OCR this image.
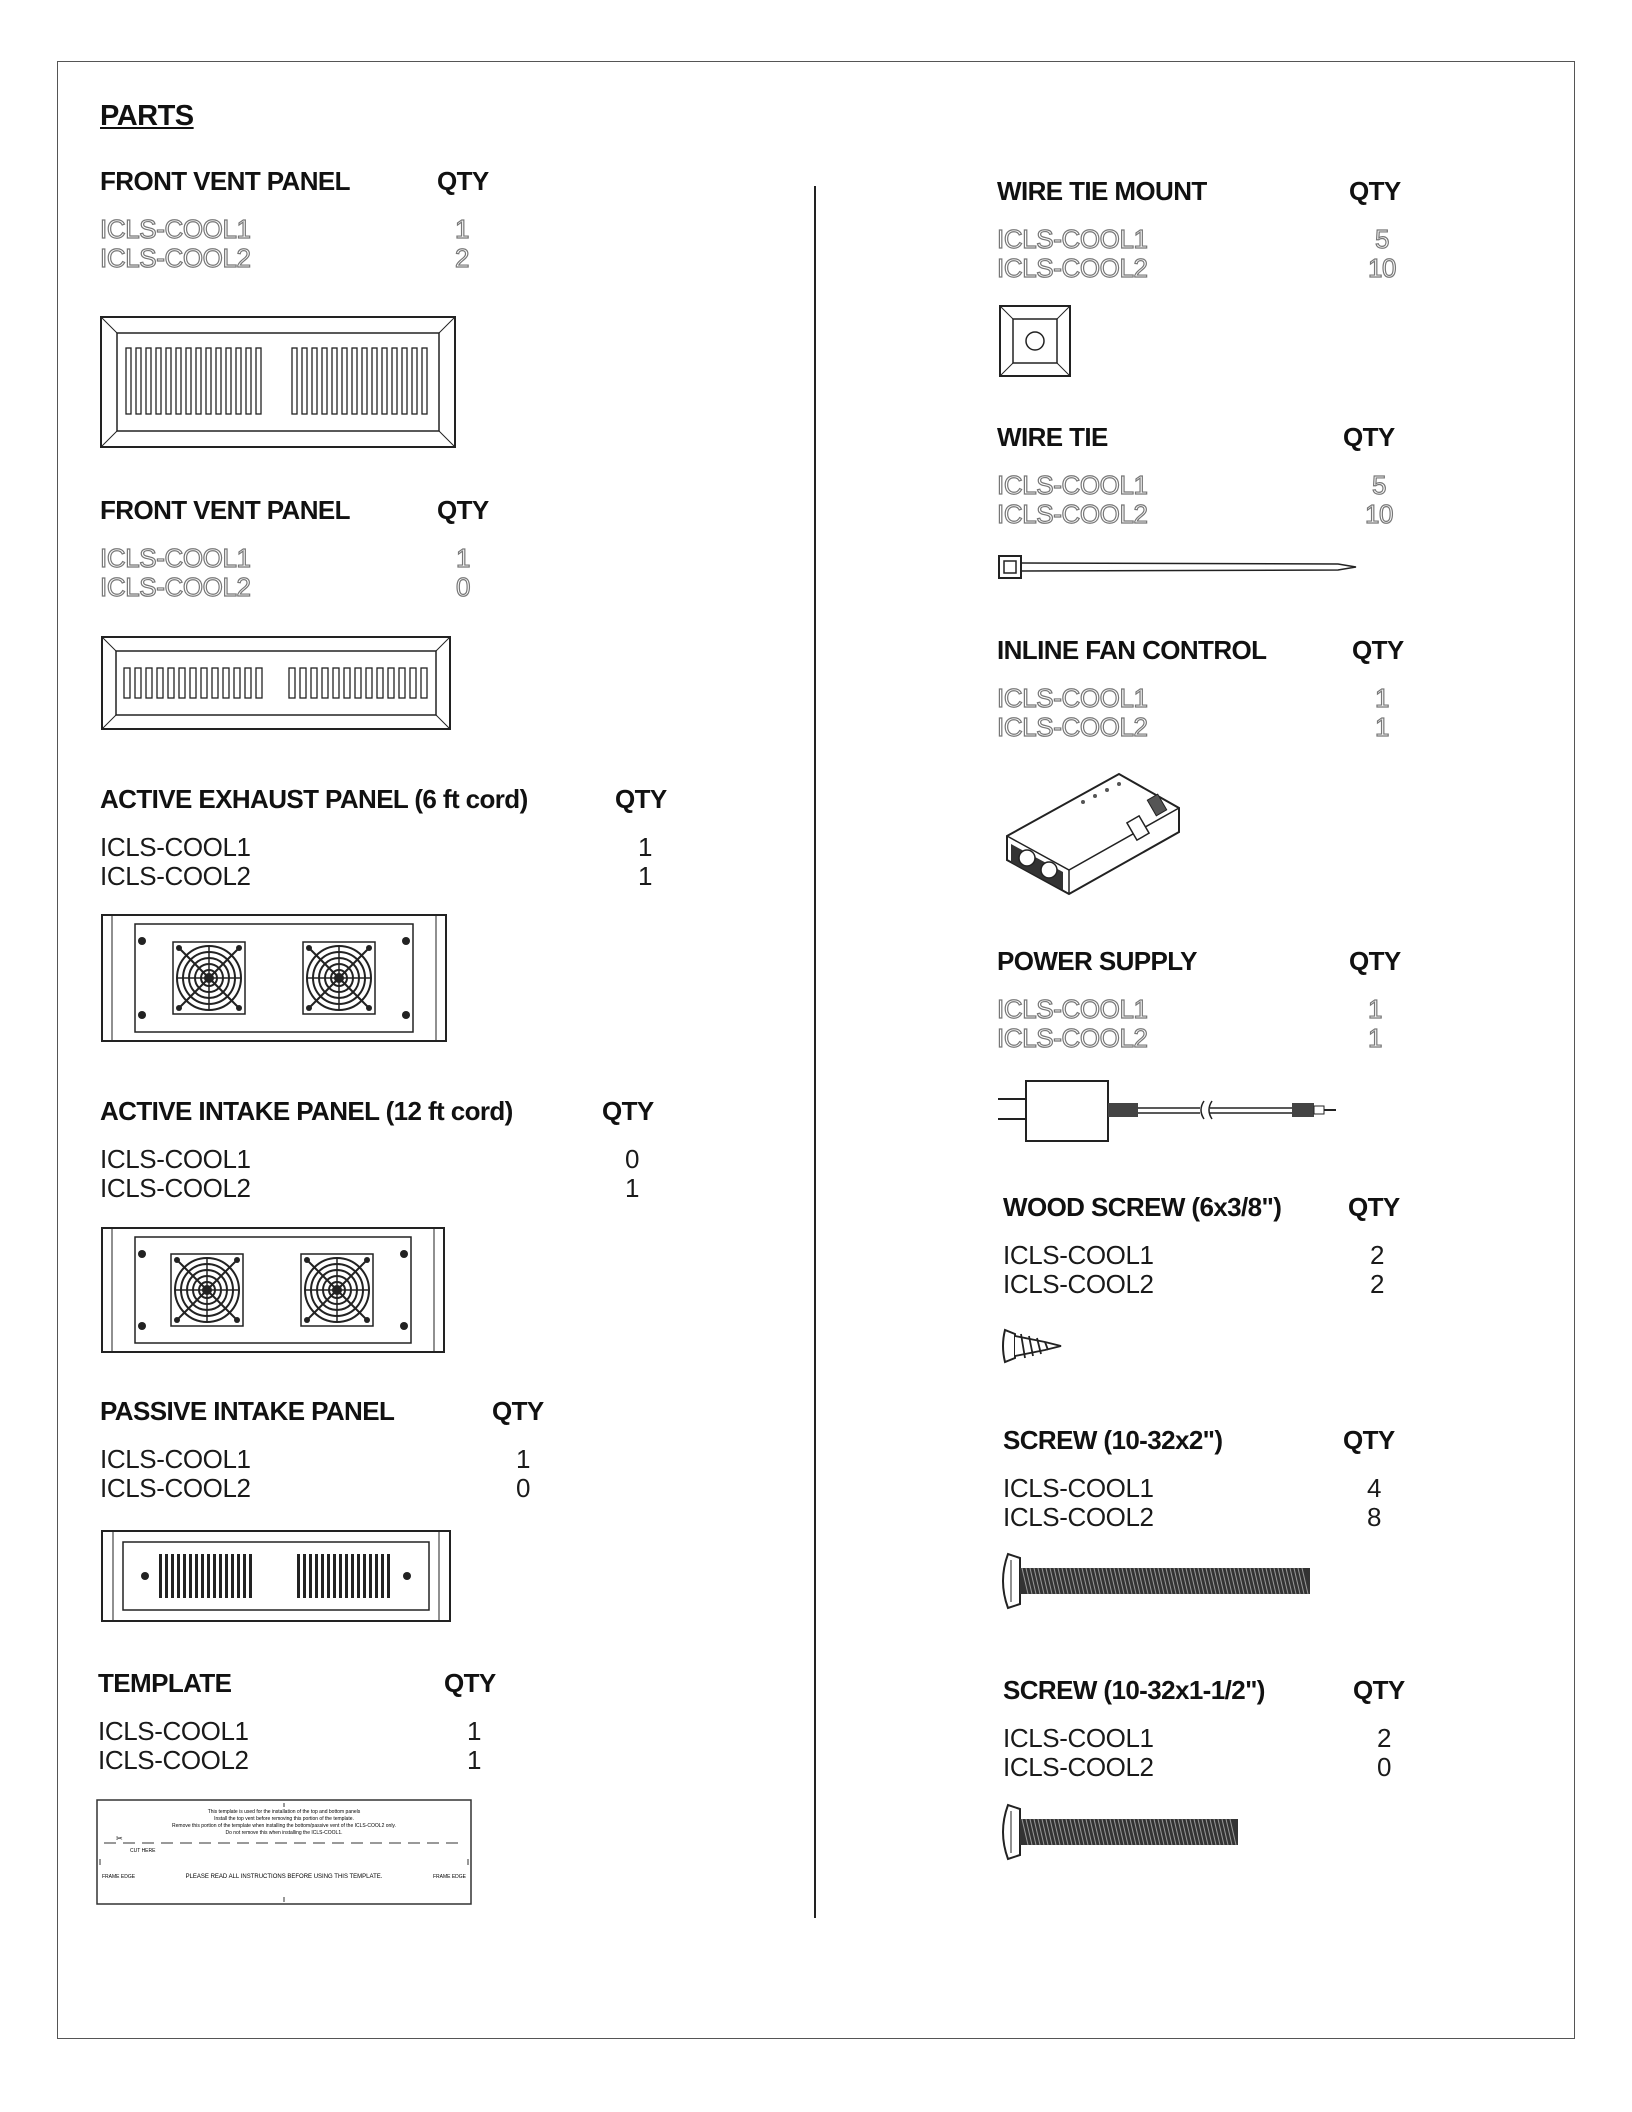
PARTS
FRONT VENT PANEL	QTY
ICLS-COOL1	1
ICLS-COOL2	2
FRONT VENT PANEL	QTY
ICLS-COOL1	1
ICLS-COOL2	0
ACTIVE EXHAUST PANEL (6 ft cord)	QTY
ICLS-COOL1	1
ICLS-COOL2	1
ACTIVE INTAKE PANEL (12 ft cord)	QTY
ICLS-COOL1	0
ICLS-COOL2	1
PASSIVE INTAKE PANEL	QTY
ICLS-COOL1	1
ICLS-COOL2	0
TEMPLATE	QTY
ICLS-COOL1	1
ICLS-COOL2	1
This template is used for the installation of the top and bottom panels
Install the top vent before removing this portion of the template.
Remove this portion of the template when installing the bottom/passive vent of the ICLS-COOL2 only.
Do not remove this when installing the ICLS-COOL1.
✂
CUT HERE
PLEASE READ ALL INSTRUCTIONS BEFORE USING THIS TEMPLATE.
FRAME EDGE	FRAME EDGE
WIRE TIE MOUNT	QTY
ICLS-COOL1	5
ICLS-COOL2	10
WIRE TIE	QTY
ICLS-COOL1	5
ICLS-COOL2	10
INLINE FAN CONTROL	QTY
ICLS-COOL1	1
ICLS-COOL2	1
POWER SUPPLY	QTY
ICLS-COOL1	1
ICLS-COOL2	1
WOOD SCREW (6x3/8")	QTY
ICLS-COOL1	2
ICLS-COOL2	2
SCREW (10-32x2")	QTY
ICLS-COOL1	4
ICLS-COOL2	8
SCREW (10-32x1-1/2")	QTY
ICLS-COOL1	2
ICLS-COOL2	0
